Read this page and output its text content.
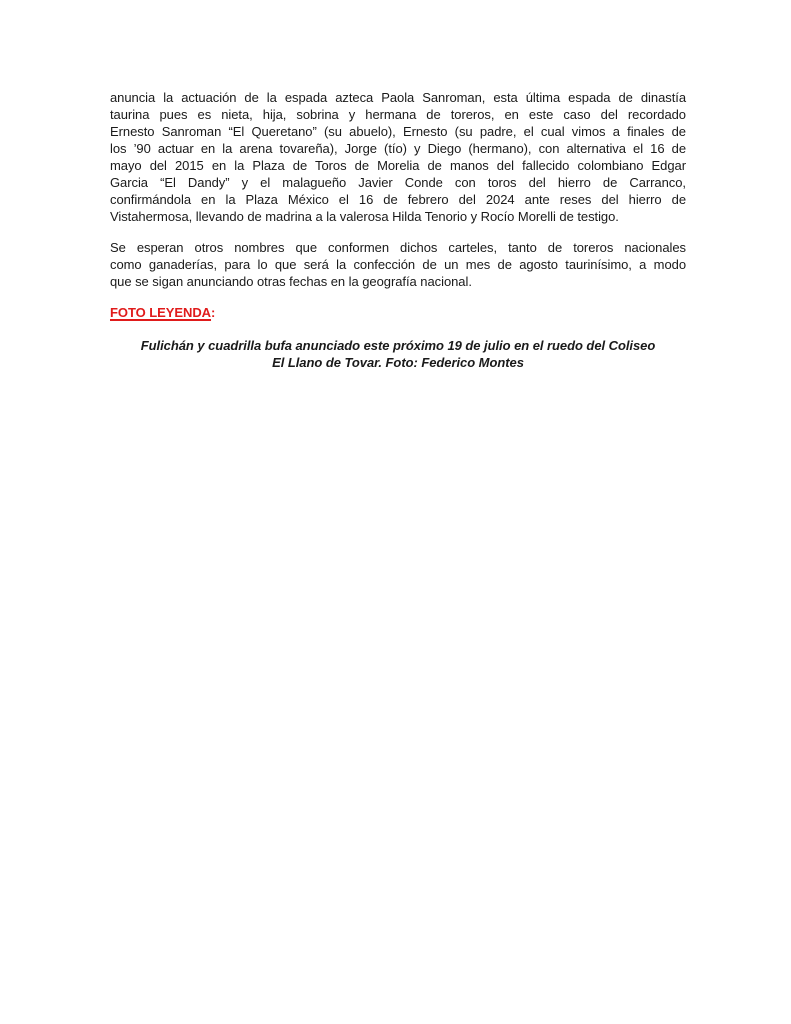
anuncia la actuación de la espada azteca Paola Sanroman, esta última espada de dinastía
taurina pues es nieta, hija, sobrina y hermana de toreros, en este caso del recordado
Ernesto Sanroman “El Queretano” (su abuelo), Ernesto (su padre, el cual vimos a finales de
los ’90 actuar en la arena tovareña), Jorge (tío) y Diego (hermano), con alternativa el 16 de
mayo del 2015 en la Plaza de Toros de Morelia de manos del fallecido colombiano Edgar
Garcia “El Dandy” y el malagueño Javier Conde con toros del hierro de Carranco,
confirmándola en la Plaza México el 16 de febrero del 2024 ante reses del hierro de
Vistahermosa, llevando de madrina a la valerosa Hilda Tenorio y Rocío Morelli de testigo.

Se esperan otros nombres que conformen dichos carteles, tanto de toreros nacionales
como ganaderías, para lo que será la confección de un mes de agosto taurinísimo, a modo
que se sigan anunciando otras fechas en la geografía nacional.

FOTO LEYENDA:
Fulichán y cuadrilla bufa anunciado este próximo 19 de julio en el ruedo del Coliseo
El Llano de Tovar. Foto: Federico Montes
